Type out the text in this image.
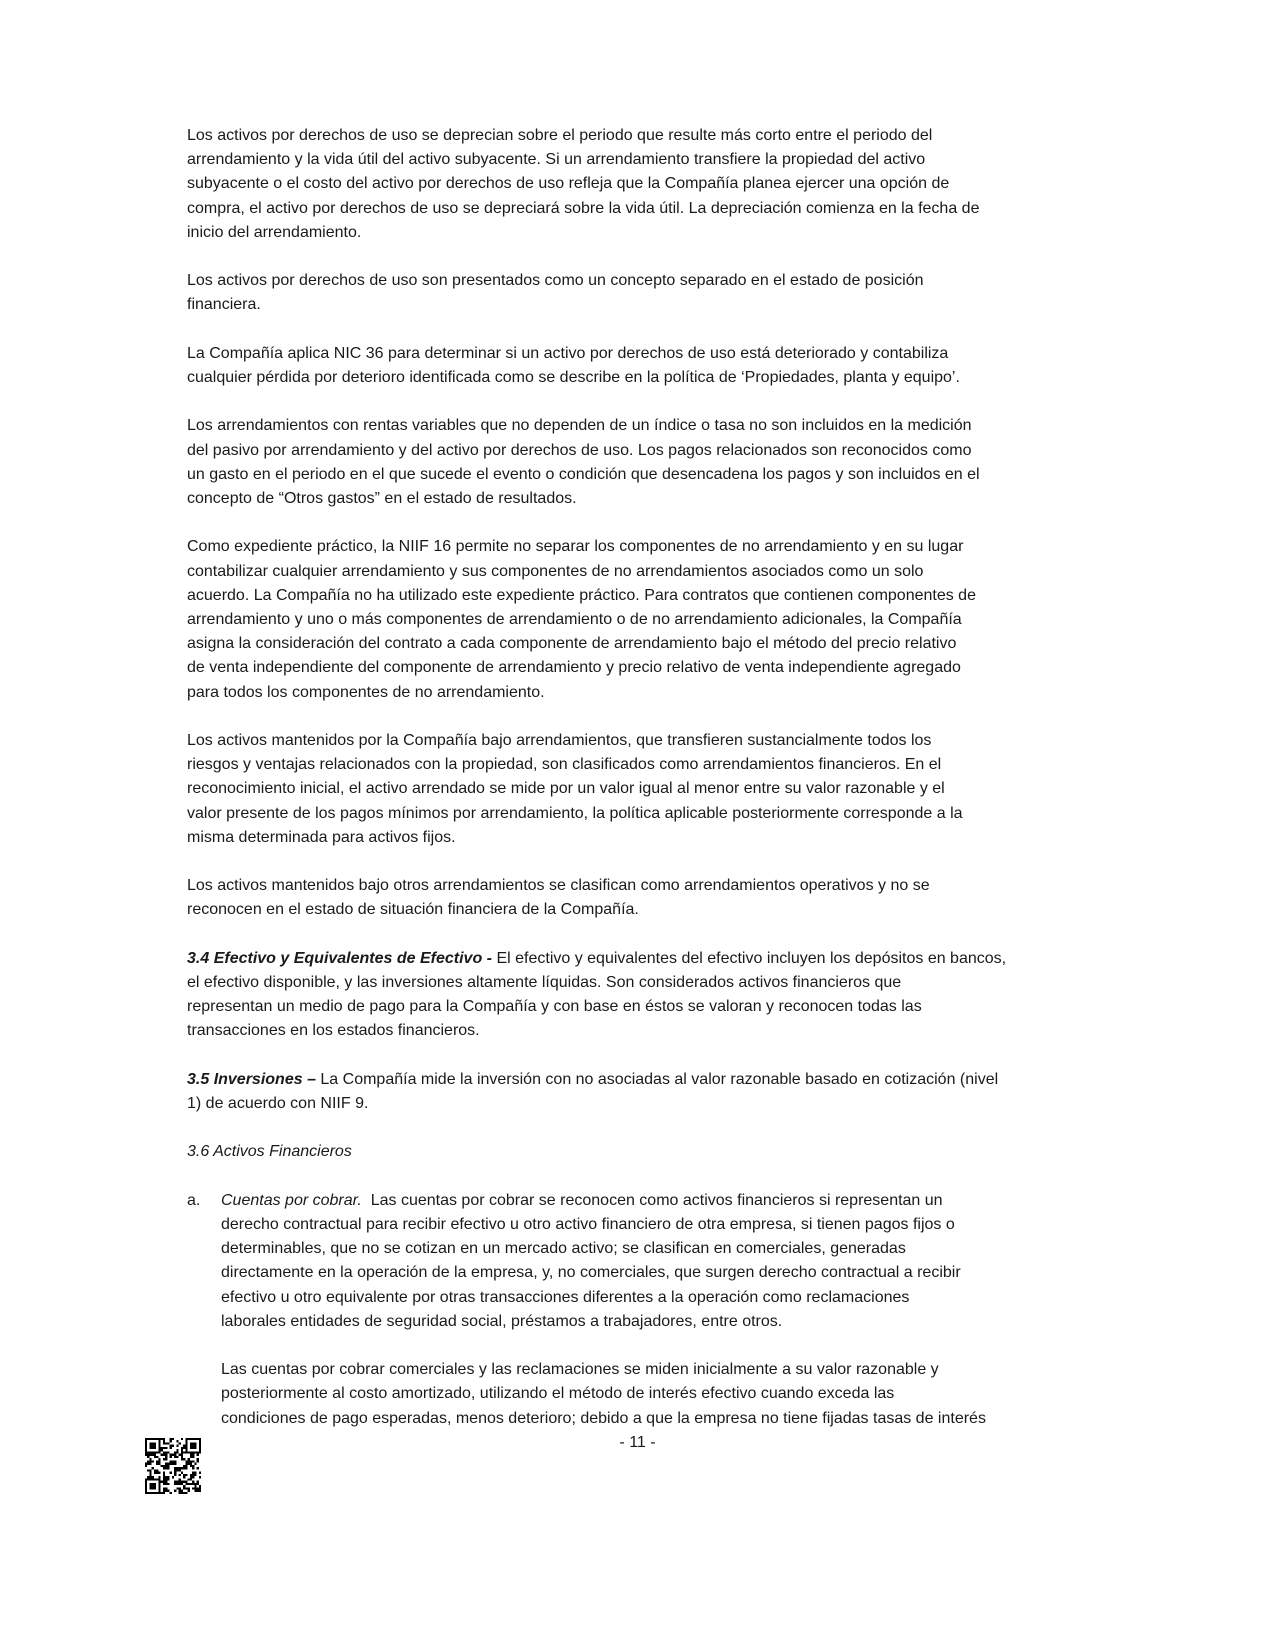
Los activos por derechos de uso se deprecian sobre el periodo que resulte más corto entre el periodo del
arrendamiento y la vida útil del activo subyacente. Si un arrendamiento transfiere la propiedad del activo
subyacente o el costo del activo por derechos de uso refleja que la Compañía planea ejercer una opción de
compra, el activo por derechos de uso se depreciará sobre la vida útil. La depreciación comienza en la fecha de
inicio del arrendamiento.
Los activos por derechos de uso son presentados como un concepto separado en el estado de posición
financiera.
La Compañía aplica NIC 36 para determinar si un activo por derechos de uso está deteriorado y contabiliza
cualquier pérdida por deterioro identificada como se describe en la política de ‘Propiedades, planta y equipo’.
Los arrendamientos con rentas variables que no dependen de un índice o tasa no son incluidos en la medición
del pasivo por arrendamiento y del activo por derechos de uso. Los pagos relacionados son reconocidos como
un gasto en el periodo en el que sucede el evento o condición que desencadena los pagos y son incluidos en el
concepto de “Otros gastos” en el estado de resultados.
Como expediente práctico, la NIIF 16 permite no separar los componentes de no arrendamiento y en su lugar
contabilizar cualquier arrendamiento y sus componentes de no arrendamientos asociados como un solo
acuerdo. La Compañía no ha utilizado este expediente práctico. Para contratos que contienen componentes de
arrendamiento y uno o más componentes de arrendamiento o de no arrendamiento adicionales, la Compañía
asigna la consideración del contrato a cada componente de arrendamiento bajo el método del precio relativo
de venta independiente del componente de arrendamiento y precio relativo de venta independiente agregado
para todos los componentes de no arrendamiento.
Los activos mantenidos por la Compañía bajo arrendamientos, que transfieren sustancialmente todos los
riesgos y ventajas relacionados con la propiedad, son clasificados como arrendamientos financieros. En el
reconocimiento inicial, el activo arrendado se mide por un valor igual al menor entre su valor razonable y el
valor presente de los pagos mínimos por arrendamiento, la política aplicable posteriormente corresponde a la
misma determinada para activos fijos.
Los activos mantenidos bajo otros arrendamientos se clasifican como arrendamientos operativos y no se
reconocen en el estado de situación financiera de la Compañía.
3.4 Efectivo y Equivalentes de Efectivo - El efectivo y equivalentes del efectivo incluyen los depósitos en bancos,
el efectivo disponible, y las inversiones altamente líquidas. Son considerados activos financieros que
representan un medio de pago para la Compañía y con base en éstos se valoran y reconocen todas las
transacciones en los estados financieros.
3.5 Inversiones – La Compañía mide la inversión con no asociadas al valor razonable basado en cotización (nivel
1) de acuerdo con NIIF 9.
3.6 Activos Financieros
a. Cuentas por cobrar.  Las cuentas por cobrar se reconocen como activos financieros si representan un
derecho contractual para recibir efectivo u otro activo financiero de otra empresa, si tienen pagos fijos o
determinables, que no se cotizan en un mercado activo; se clasifican en comerciales, generadas
directamente en la operación de la empresa, y, no comerciales, que surgen derecho contractual a recibir
efectivo u otro equivalente por otras transacciones diferentes a la operación como reclamaciones
laborales entidades de seguridad social, préstamos a trabajadores, entre otros.
Las cuentas por cobrar comerciales y las reclamaciones se miden inicialmente a su valor razonable y
posteriormente al costo amortizado, utilizando el método de interés efectivo cuando exceda las
condiciones de pago esperadas, menos deterioro; debido a que la empresa no tiene fijadas tasas de interés
- 11 -
